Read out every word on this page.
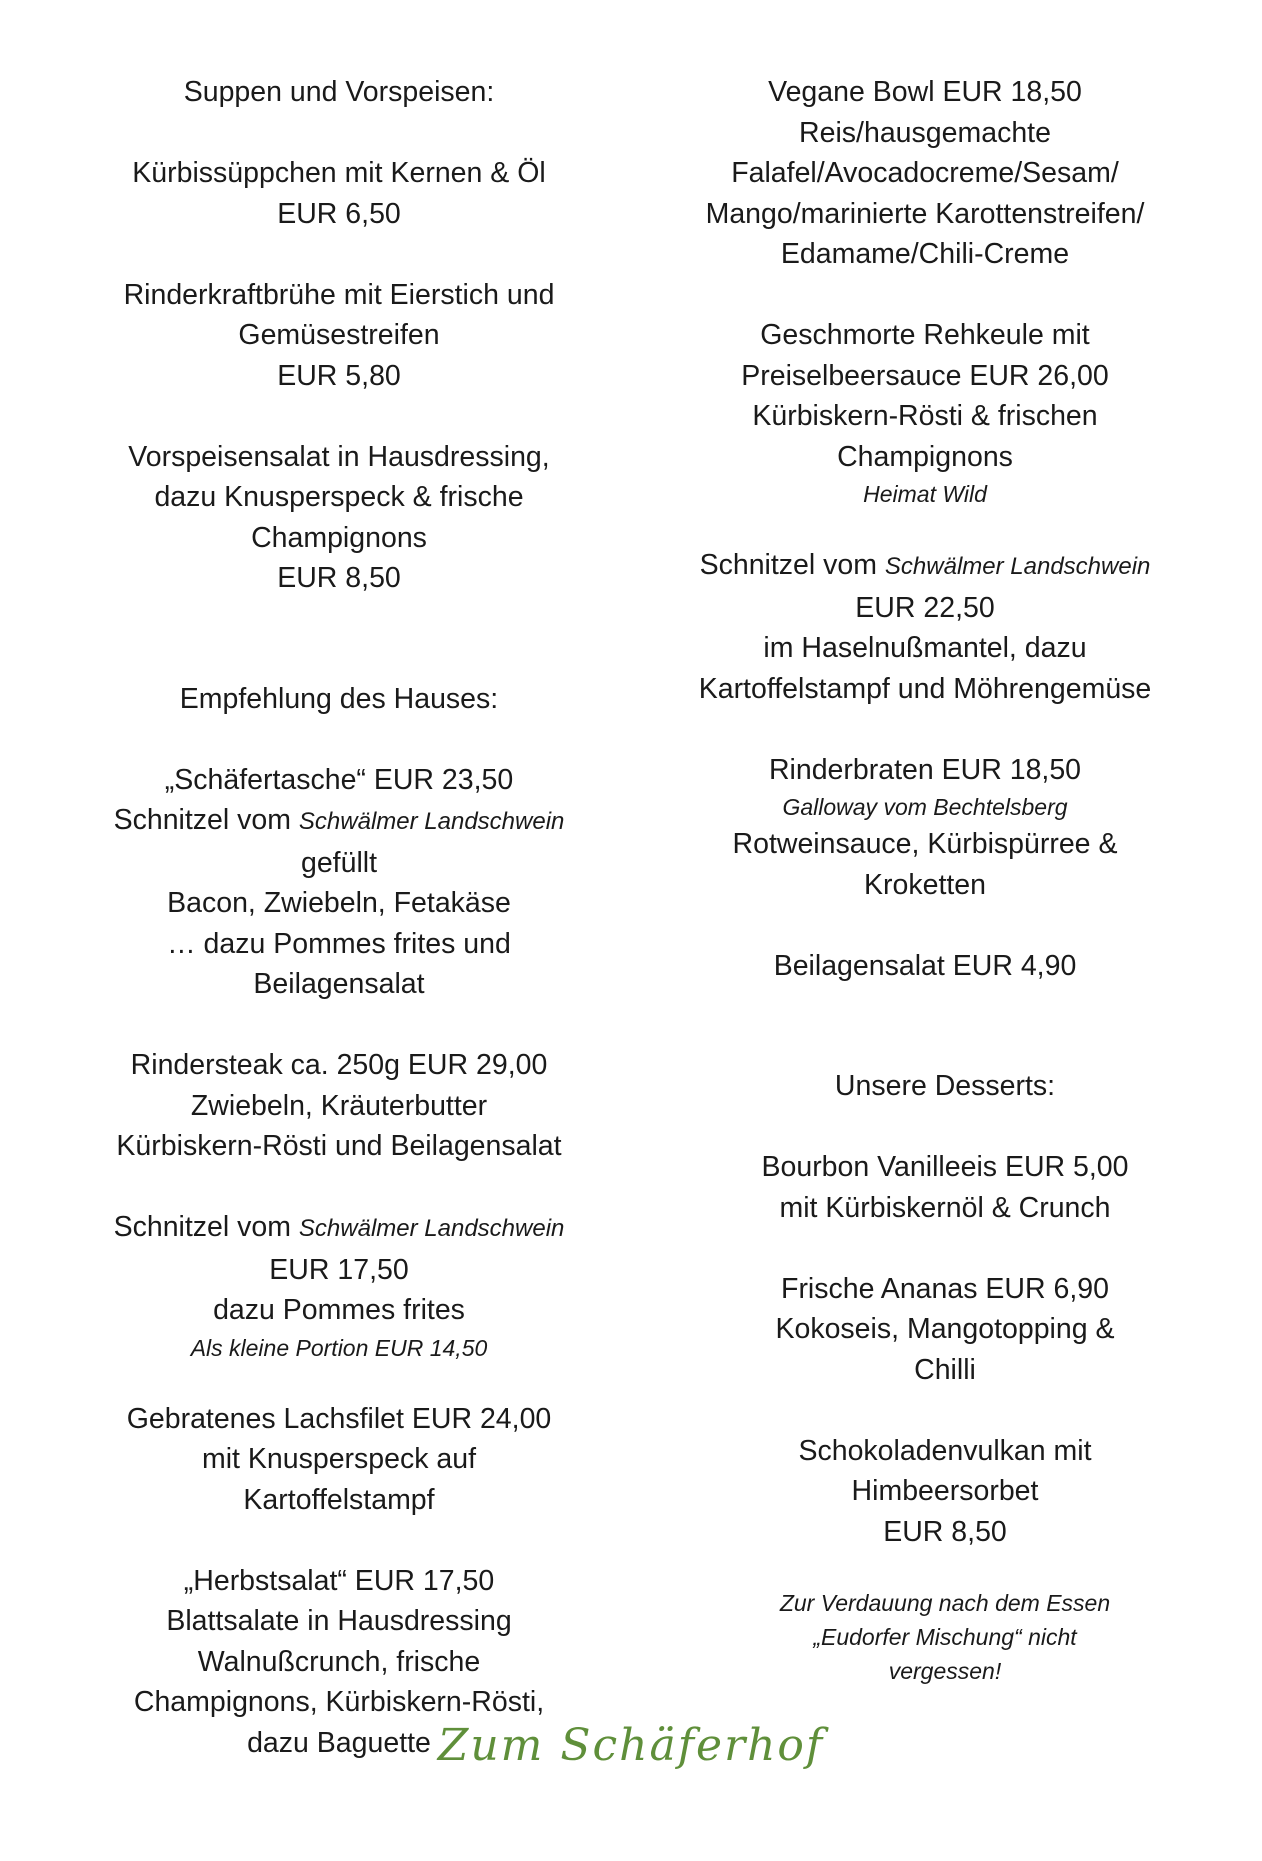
Suppen und Vorspeisen:

Kürbissüppchen mit Kernen & Öl

EUR 6,50

Rinderkraftbrühe mit Eierstich und

Gemüsestreifen

EUR 5,80

Vorspeisensalat in Hausdressing,

dazu Knusperspeck & frische

Champignons

EUR 8,50

Empfehlung des Hauses:

„Schäfertasche“ EUR 23,50

Schnitzel vom Schwälmer Landschwein

gefüllt

Bacon, Zwiebeln, Fetakäse

… dazu Pommes frites und

Beilagensalat

Rindersteak ca. 250g EUR 29,00

Zwiebeln, Kräuterbutter

Kürbiskern-Rösti und Beilagensalat

Schnitzel vom Schwälmer Landschwein

EUR 17,50

dazu Pommes frites

Als kleine Portion EUR 14,50

Gebratenes Lachsfilet EUR 24,00

mit Knusperspeck auf

Kartoffelstampf

„Herbstsalat“ EUR 17,50

Blattsalate in Hausdressing

Walnußcrunch, frische

Champignons, Kürbiskern-Rösti,

dazu Baguette

Vegane Bowl EUR 18,50

Reis/hausgemachte

Falafel/Avocadocreme/Sesam/

Mango/marinierte Karottenstreifen/

Edamame/Chili-Creme

Geschmorte Rehkeule mit

Preiselbeersauce EUR 26,00

Kürbiskern-Rösti & frischen

Champignons

Heimat Wild

Schnitzel vom Schwälmer Landschwein

EUR 22,50

im Haselnußmantel, dazu

Kartoffelstampf und Möhrengemüse

Rinderbraten EUR 18,50

Galloway vom Bechtelsberg

Rotweinsauce, Kürbispürree &

Kroketten

Beilagensalat EUR 4,90

Unsere Desserts:

Bourbon Vanilleeis EUR 5,00

mit Kürbiskernöl & Crunch

Frische Ananas EUR 6,90

Kokoseis, Mangotopping &

Chilli

Schokoladenvulkan mit

Himbeersorbet

EUR 8,50

Zur Verdauung nach dem Essen

„Eudorfer Mischung“ nicht

vergessen!

Zum Schäferhof
